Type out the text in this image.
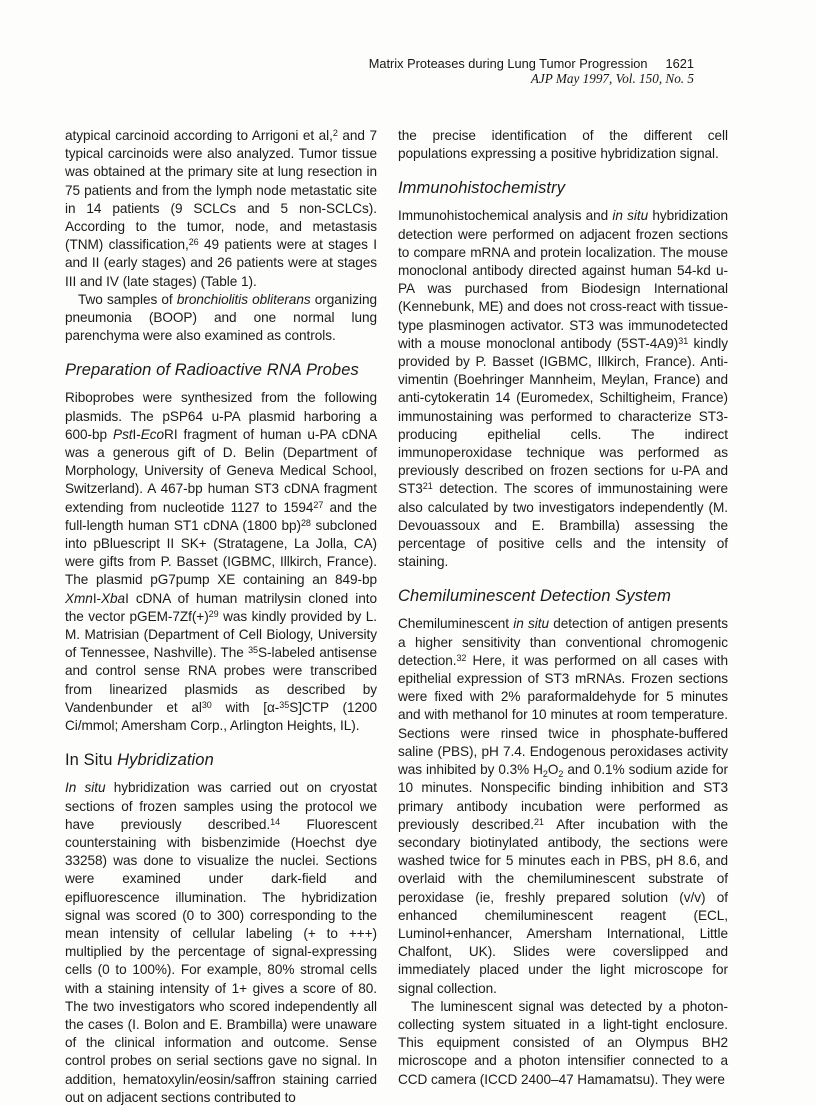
Matrix Proteases during Lung Tumor Progression 1621
AJP May 1997, Vol. 150, No. 5

atypical carcinoid according to Arrigoni et al,$^2$ and 7 typical carcinoids were also analyzed. Tumor tissue was obtained at the primary site at lung resection in 75 patients and from the lymph node metastatic site in 14 patients (9 SCLCs and 5 non-SCLCs). According to the tumor, node, and metastasis (TNM) classification,$^{26}$ 49 patients were at stages I and II (early stages) and 26 patients were at stages III and IV (late stages) (Table 1).

Two samples of bronchiolitis obliterans organizing pneumonia (BOOP) and one normal lung parenchyma were also examined as controls.

Preparation of Radioactive RNA Probes

Riboprobes were synthesized from the following plasmids. The pSP64 u-PA plasmid harboring a 600-bp PstI-EcoRI fragment of human u-PA cDNA was a generous gift of D. Belin (Department of Morphology, University of Geneva Medical School, Switzerland). A 467-bp human ST3 cDNA fragment extending from nucleotide 1127 to 1594$^{27}$ and the full-length human ST1 cDNA (1800 bp)$^{28}$ subcloned into pBluescript II SK+ (Stratagene, La Jolla, CA) were gifts from P. Basset (IGBMC, Illkirch, France). The plasmid pG7pump XE containing an 849-bp XmnI-XbaI cDNA of human matrilysin cloned into the vector pGEM-$7Zf(+)^{29}$ was kindly provided by L. M. Matrisian (Department of Cell Biology, University of Tennessee, Nashville). The $^{35}$S-labeled antisense and control sense RNA probes were transcribed from linearized plasmids as described by Vandenbunder et $al^{30}$ with [α-$^{35}$S]CTP (1200 Ci/mmol; Amersham Corp., Arlington Heights, IL).

In Situ Hybridization

In situ hybridization was carried out on cryostat sections of frozen samples using the protocol we have previously described.$^{14}$ Fluorescent counterstaining with bisbenzimide (Hoechst dye 33258) was done to visualize the nuclei. Sections were examined under dark-field and epifluorescence illumination. The hybridization signal was scored (0 to 300) corresponding to the mean intensity of cellular labeling (+ to +++) multiplied by the percentage of signal-expressing cells (0 to 100%). For example, 80% stromal cells with a staining intensity of 1+ gives a score of 80. The two investigators who scored independently all the cases (I. Bolon and E. Brambilla) were unaware of the clinical information and outcome. Sense control probes on serial sections gave no signal. In addition, hematoxylin/eosin/saffron staining carried out on adjacent sections contributed to

the precise identification of the different cell populations expressing a positive hybridization signal.

Immunohistochemistry

Immunohistochemical analysis and in situ hybridization detection were performed on adjacent frozen sections to compare mRNA and protein localization. The mouse monoclonal antibody directed against human 54-kd u-PA was purchased from Biodesign International (Kennebunk, ME) and does not cross-react with tissue-type plasminogen activator. ST3 was immunodetected with a mouse monoclonal antibody $(5ST-4A9)^{31}$ kindly provided by P. Basset (IGBMC, Illkirch, France). Anti-vimentin (Boehringer Mannheim, Meylan, France) and anti-cytokeratin 14 (Euromedex, Schiltigheim, France) immunostaining was performed to characterize ST3-producing epithelial cells. The indirect immunoperoxidase technique was performed as previously described on frozen sections for u-PA and $ST3^{21}$ detection. The scores of immunostaining were also calculated by two investigators independently (M. Devouassoux and E. Brambilla) assessing the percentage of positive cells and the intensity of staining.

Chemiluminescent Detection System

Chemiluminescent in situ detection of antigen presents a higher sensitivity than conventional chromogenic detection.$^{32}$ Here, it was performed on all cases with epithelial expression of ST3 mRNAs. Frozen sections were fixed with 2% paraformaldehyde for 5 minutes and with methanol for 10 minutes at room temperature. Sections were rinsed twice in phosphate-buffered saline (PBS), pH 7.4. Endogenous peroxidases activity was inhibited by 0.3% $H_2O_2$ and 0.1% sodium azide for 10 minutes. Nonspecific binding inhibition and ST3 primary antibody incubation were performed as previously described.$^{21}$ After incubation with the secondary biotinylated antibody, the sections were washed twice for 5 minutes each in PBS, pH 8.6, and overlaid with the chemiluminescent substrate of peroxidase (ie, freshly prepared solution (v/v) of enhanced chemiluminescent reagent (ECL, Luminol+enhancer, Amersham International, Little Chalfont, UK). Slides were coverslipped and immediately placed under the light microscope for signal collection.

The luminescent signal was detected by a photon-collecting system situated in a light-tight enclosure. This equipment consisted of an Olympus BH2 microscope and a photon intensifier connected to a CCD camera (ICCD 2400–47 Hamamatsu). They were
